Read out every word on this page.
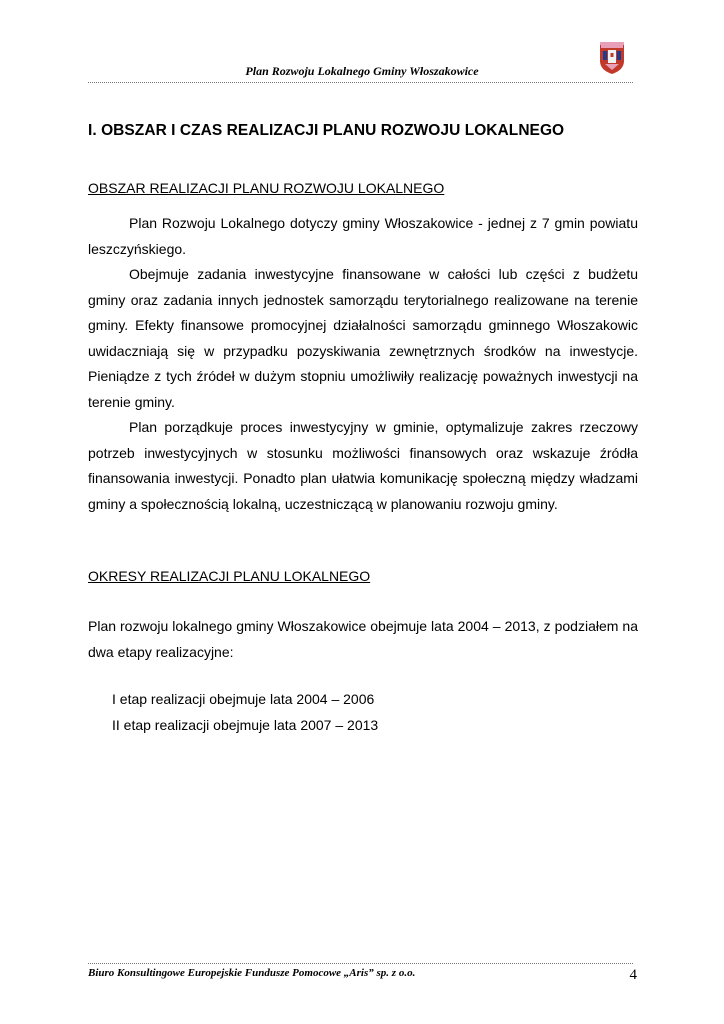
Plan Rozwoju Lokalnego Gminy Włoszakowice
I. OBSZAR I CZAS REALIZACJI PLANU ROZWOJU LOKALNEGO
OBSZAR REALIZACJI PLANU ROZWOJU LOKALNEGO

Plan Rozwoju Lokalnego dotyczy gminy Włoszakowice - jednej z 7 gmin powiatu leszczyńskiego.

Obejmuje zadania inwestycyjne finansowane w całości lub części z budżetu gminy oraz zadania innych jednostek samorządu terytorialnego realizowane na terenie gminy. Efekty finansowe promocyjnej działalności samorządu gminnego Włoszakowic uwidaczniają się w przypadku pozyskiwania zewnętrznych środków na inwestycje. Pieniądze z tych źródeł w dużym stopniu umożliwiły realizację poważnych inwestycji na terenie gminy.

Plan porządkuje proces inwestycyjny w gminie, optymalizuje zakres rzeczowy potrzeb inwestycyjnych w stosunku możliwości finansowych oraz wskazuje źródła finansowania inwestycji. Ponadto plan ułatwia komunikację społeczną między władzami gminy a społecznością lokalną, uczestniczącą w planowaniu rozwoju gminy.

OKRESY REALIZACJI PLANU LOKALNEGO

Plan rozwoju lokalnego gminy Włoszakowice obejmuje lata 2004 – 2013, z podziałem na dwa etapy realizacyjne:

I etap realizacji obejmuje lata 2004 – 2006
II etap realizacji obejmuje lata 2007 – 2013
Biuro Konsultingowe Europejskie Fundusze Pomocowe „Aris” sp. z o.o.	4
